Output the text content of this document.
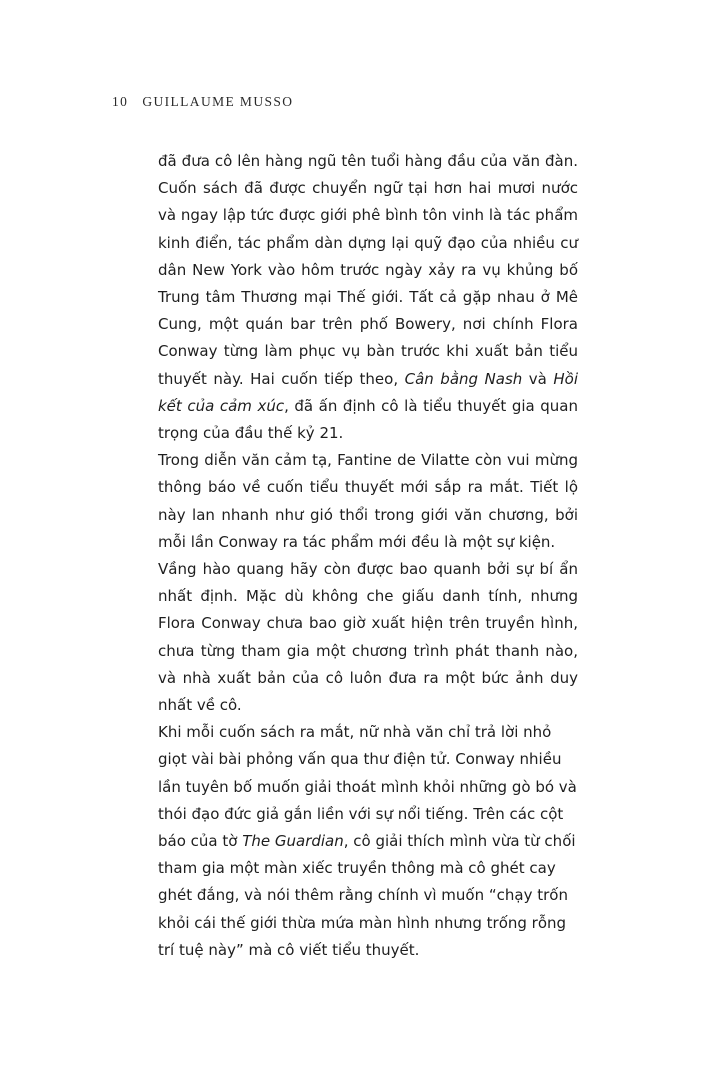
10 GUILLAUME MUSSO

đã đưa cô lên hàng ngũ tên tuổi hàng đầu của văn đàn. Cuốn sách đã được chuyển ngữ tại hơn hai mươi nước và ngay lập tức được giới phê bình tôn vinh là tác phẩm kinh điển, tác phẩm dàn dựng lại quỹ đạo của nhiều cư dân New York vào hôm trước ngày xảy ra vụ khủng bố Trung tâm Thương mại Thế giới. Tất cả gặp nhau ở Mê Cung, một quán bar trên phố Bowery, nơi chính Flora Conway từng làm phục vụ bàn trước khi xuất bản tiểu thuyết này. Hai cuốn tiếp theo, Cân bằng Nash và Hồi kết của cảm xúc, đã ấn định cô là tiểu thuyết gia quan trọng của đầu thế kỷ 21.

Trong diễn văn cảm tạ, Fantine de Vilatte còn vui mừng thông báo về cuốn tiểu thuyết mới sắp ra mắt. Tiết lộ này lan nhanh như gió thổi trong giới văn chương, bởi mỗi lần Conway ra tác phẩm mới đều là một sự kiện.

Vầng hào quang hãy còn được bao quanh bởi sự bí ẩn nhất định. Mặc dù không che giấu danh tính, nhưng Flora Conway chưa bao giờ xuất hiện trên truyền hình, chưa từng tham gia một chương trình phát thanh nào, và nhà xuất bản của cô luôn đưa ra một bức ảnh duy nhất về cô.

Khi mỗi cuốn sách ra mắt, nữ nhà văn chỉ trả lời nhỏ giọt vài bài phỏng vấn qua thư điện tử. Conway nhiều lần tuyên bố muốn giải thoát mình khỏi những gò bó và thói đạo đức giả gắn liền với sự nổi tiếng. Trên các cột báo của tờ The Guardian, cô giải thích mình vừa từ chối tham gia một màn xiếc truyền thông mà cô ghét cay ghét đắng, và nói thêm rằng chính vì muốn “chạy trốn khỏi cái thế giới thừa mứa màn hình nhưng trống rỗng trí tuệ này” mà cô viết tiểu thuyết.
